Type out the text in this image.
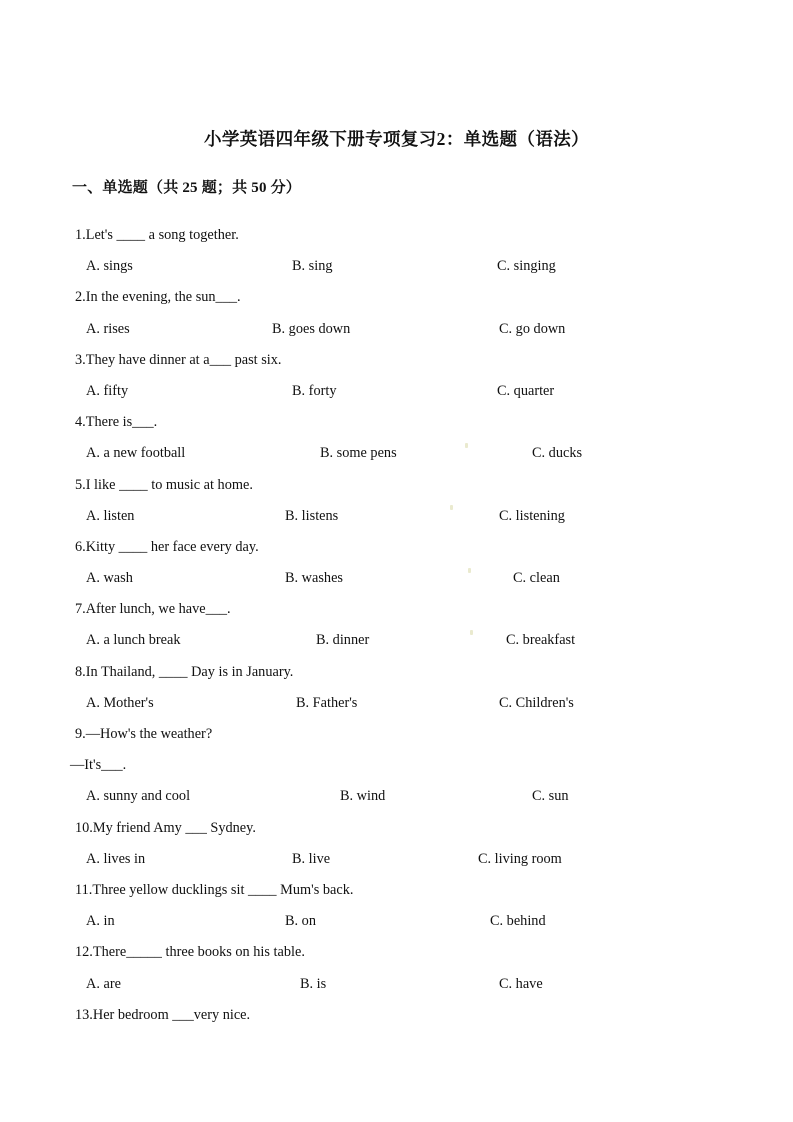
小学英语四年级下册专项复习2：单选题（语法）
一、单选题（共 25 题；共 50 分）
1.Let's ____ a song together.
A. sings	B. sing	C. singing
2.In the evening, the sun___.
A. rises	B. goes down	C. go down
3.They have dinner at a___ past six.
A. fifty	B. forty	C. quarter
4.There is___.
A. a new football	B. some pens	C. ducks
5.I like ____ to music at home.
A. listen	B. listens	C. listening
6.Kitty ____ her face every day.
A. wash	B. washes	C. clean
7.After lunch, we have___.
A. a lunch break	B. dinner	C. breakfast
8.In Thailand, ____ Day is in January.
A. Mother's	B. Father's	C. Children's
9.—How's the weather?
—It's___.
A. sunny and cool	B. wind	C. sun
10.My friend Amy ___ Sydney.
A. lives in	B. live	C. living room
11.Three yellow ducklings sit ____ Mum's back.
A. in	B. on	C. behind
12.There_____ three books on his table.
A. are	B. is	C. have
13.Her bedroom ___very nice.
